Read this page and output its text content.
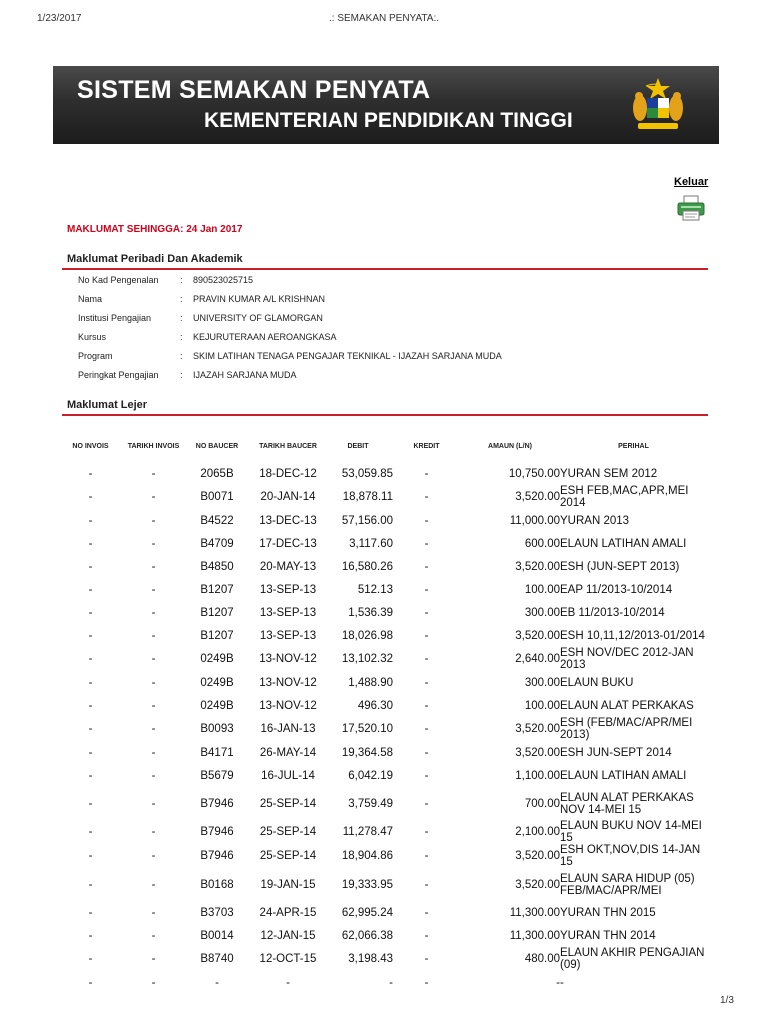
1/23/2017	.: SEMAKAN PENYATA:.
SISTEM SEMAKAN PENYATA
KEMENTERIAN PENDIDIKAN TINGGI
Keluar
MAKLUMAT SEHINGGA: 24 Jan 2017
Maklumat Peribadi Dan Akademik
No Kad Pengenalan	: 890523025715
Nama	: PRAVIN KUMAR A/L KRISHNAN
Institusi Pengajian	: UNIVERSITY OF GLAMORGAN
Kursus	: KEJURUTERAAN AEROANGKASA
Program	: SKIM LATIHAN TENAGA PENGAJAR TEKNIKAL - IJAZAH SARJANA MUDA
Peringkat Pengajian	: IJAZAH SARJANA MUDA
Maklumat Lejer
NO INVOIS	TARIKH INVOIS	NO BAUCER	TARIKH BAUCER	DEBIT	KREDIT	AMAUN (L/N)	PERIHAL
-	-	2065B	18-DEC-12	53,059.85	-	10,750.00	YURAN SEM 2012
-	-	B0071	20-JAN-14	18,878.11	-	3,520.00	ESH FEB,MAC,APR,MEI 2014
-	-	B4522	13-DEC-13	57,156.00	-	11,000.00	YURAN 2013
-	-	B4709	17-DEC-13	3,117.60	-	600.00	ELAUN LATIHAN AMALI
-	-	B4850	20-MAY-13	16,580.26	-	3,520.00	ESH (JUN-SEPT 2013)
-	-	B1207	13-SEP-13	512.13	-	100.00	EAP 11/2013-10/2014
-	-	B1207	13-SEP-13	1,536.39	-	300.00	EB 11/2013-10/2014
-	-	B1207	13-SEP-13	18,026.98	-	3,520.00	ESH 10,11,12/2013-01/2014
-	-	0249B	13-NOV-12	13,102.32	-	2,640.00	ESH NOV/DEC 2012-JAN 2013
-	-	0249B	13-NOV-12	1,488.90	-	300.00	ELAUN BUKU
-	-	0249B	13-NOV-12	496.30	-	100.00	ELAUN ALAT PERKAKAS
-	-	B0093	16-JAN-13	17,520.10	-	3,520.00	ESH (FEB/MAC/APR/MEI 2013)
-	-	B4171	26-MAY-14	19,364.58	-	3,520.00	ESH JUN-SEPT 2014
-	-	B5679	16-JUL-14	6,042.19	-	1,100.00	ELAUN LATIHAN AMALI
-	-	B7946	25-SEP-14	3,759.49	-	700.00	ELAUN ALAT PERKAKAS NOV 14-MEI 15
-	-	B7946	25-SEP-14	11,278.47	-	2,100.00	ELAUN BUKU NOV 14-MEI 15
-	-	B7946	25-SEP-14	18,904.86	-	3,520.00	ESH OKT,NOV,DIS 14-JAN 15
-	-	B0168	19-JAN-15	19,333.95	-	3,520.00	ELAUN SARA HIDUP (05) FEB/MAC/APR/MEI
-	-	B3703	24-APR-15	62,995.24	-	11,300.00	YURAN THN 2015
-	-	B0014	12-JAN-15	62,066.38	-	11,300.00	YURAN THN 2014
-	-	B8740	12-OCT-15	3,198.43	-	480.00	ELAUN AKHIR PENGAJIAN (09)
-	-	-	-	-	-	-	-
1/3
